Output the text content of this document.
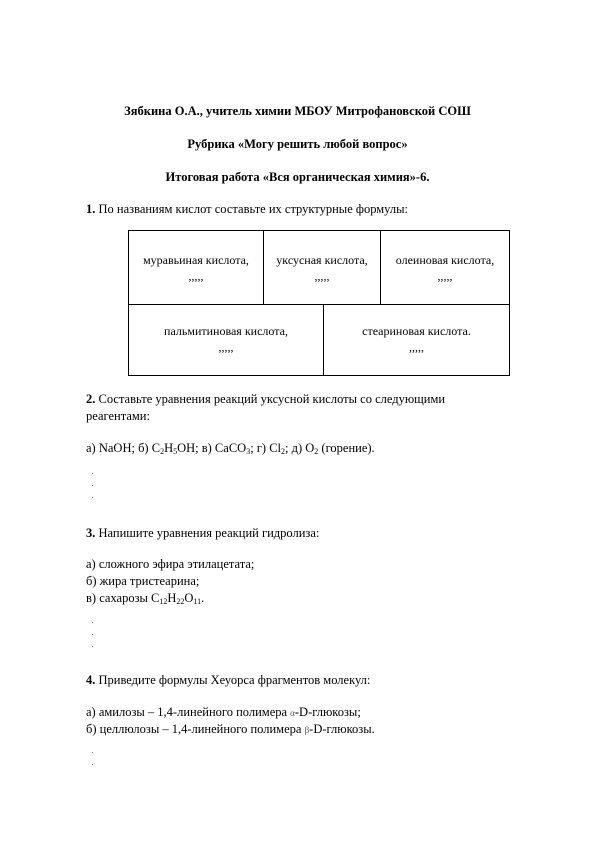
Зябкина О.А., учитель химии МБОУ Митрофановской СОШ
Рубрика «Могу решить любой вопрос»
Итоговая работа «Вся органическая химия»-6.
1. По названиям кислот составьте их структурные формулы:
муравьиная кислота,
,,,,,
уксусная кислота,
,,,,,
олеиновая кислота,
,,,,,
пальмитиновая кислота,
,,,,,
стеариновая кислота.
,,,,,
2. Составьте уравнения реакций уксусной кислоты со следующими
реагентами:
а) NaOH; б) $C_2H_5OH$; в) CaCO$_3$; г) $Cl_2$; д) $O_2$ (горение).
3. Напишите уравнения реакций гидролиза:
а) сложного эфира этилацетата;
б) жира тристеарина;
в) сахарозы $C_{12}H_{22}O_{11}$.
4. Приведите формулы Хеуорса фрагментов молекул:
а) амилозы – 1,4-линейного полимера α-D-глюкозы;
б) целлюлозы – 1,4-линейного полимера β-D-глюкозы.
